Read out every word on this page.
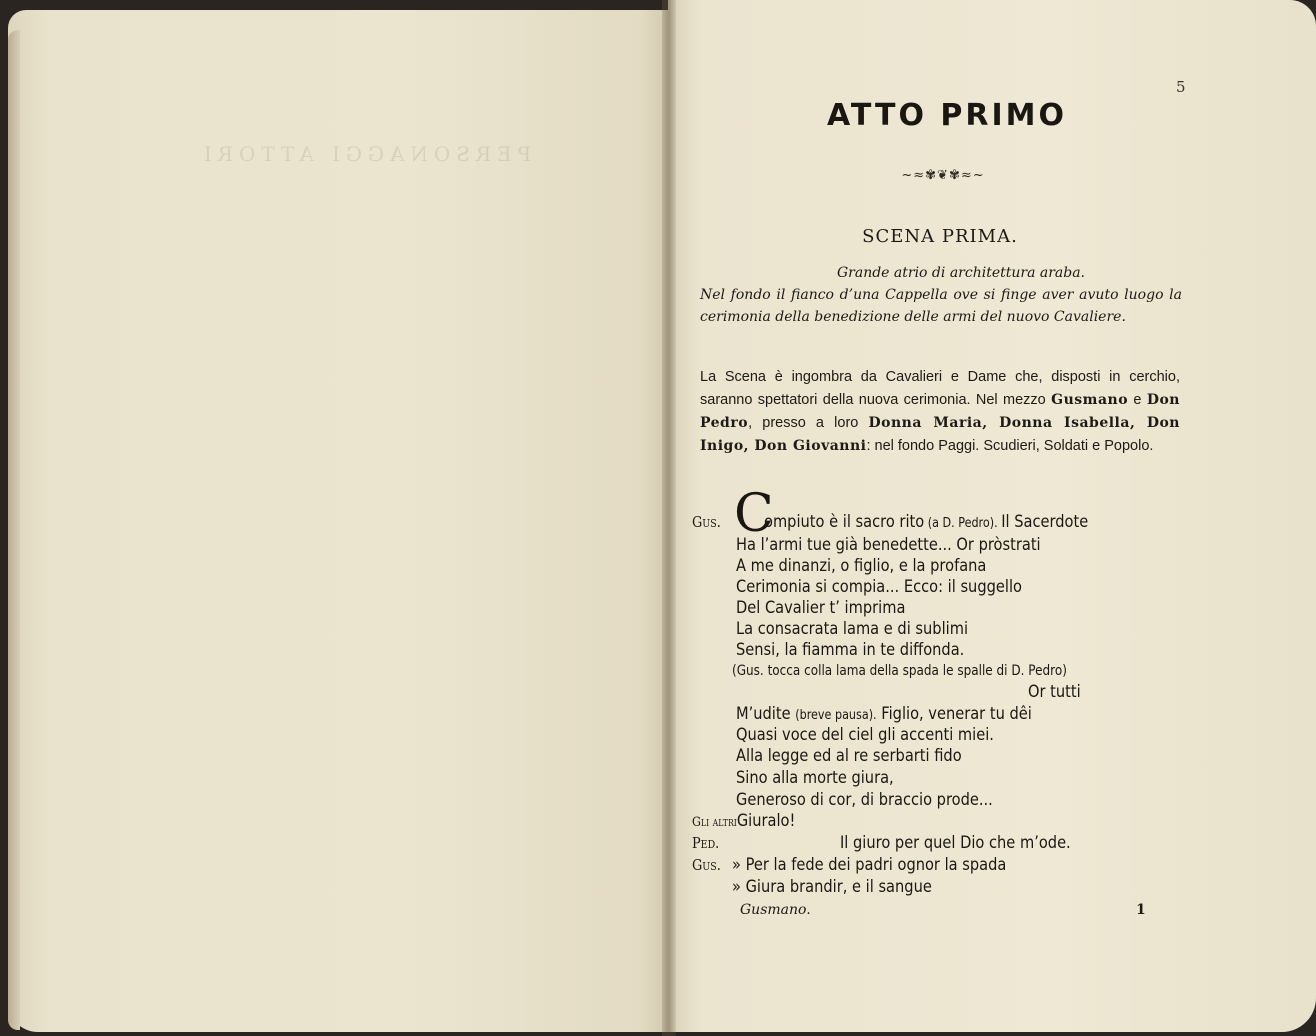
PERSONAGGI ATTORI
5
ATTO PRIMO
~≈✾❦✾≈~
SCENA PRIMA.
Grande atrio di architettura araba.
Nel fondo il fianco d’una Cappella ove si finge aver avuto luogo la cerimonia della benedizione delle armi del nuovo Cavaliere.
La Scena è ingombra da Cavalieri e Dame che, disposti in cerchio, saranno spettatori della nuova cerimonia. Nel mezzo Gusmano e Don Pedro, presso a loro Donna Maria, Donna Isabella, Don Inigo, Don Giovanni: nel fondo Paggi. Scudieri, Soldati e Popolo.
Gus. C
ompiuto è il sacro rito (a D. Pedro). Il Sacerdote
Ha l’armi tue già benedette... Or pròstrati
A me dinanzi, o figlio, e la profana
Cerimonia si compia... Ecco: il suggello
Del Cavalier t’ imprima
La consacrata lama e di sublimi
Sensi, la fiamma in te diffonda.
(Gus. tocca colla lama della spada le spalle di D. Pedro)
Or tutti
M’udite (breve pausa). Figlio, venerar tu dêi
Quasi voce del ciel gli accenti miei.
Alla legge ed al re serbarti fido
Sino alla morte giura,
Generoso di cor, di braccio prode...
Gli altriGiuralo!
Ped.	Il giuro per quel Dio che m’ode.
Gus. » Per la fede dei padri ognor la spada
» Giura brandir, e il sangue
Gusmano.	1
